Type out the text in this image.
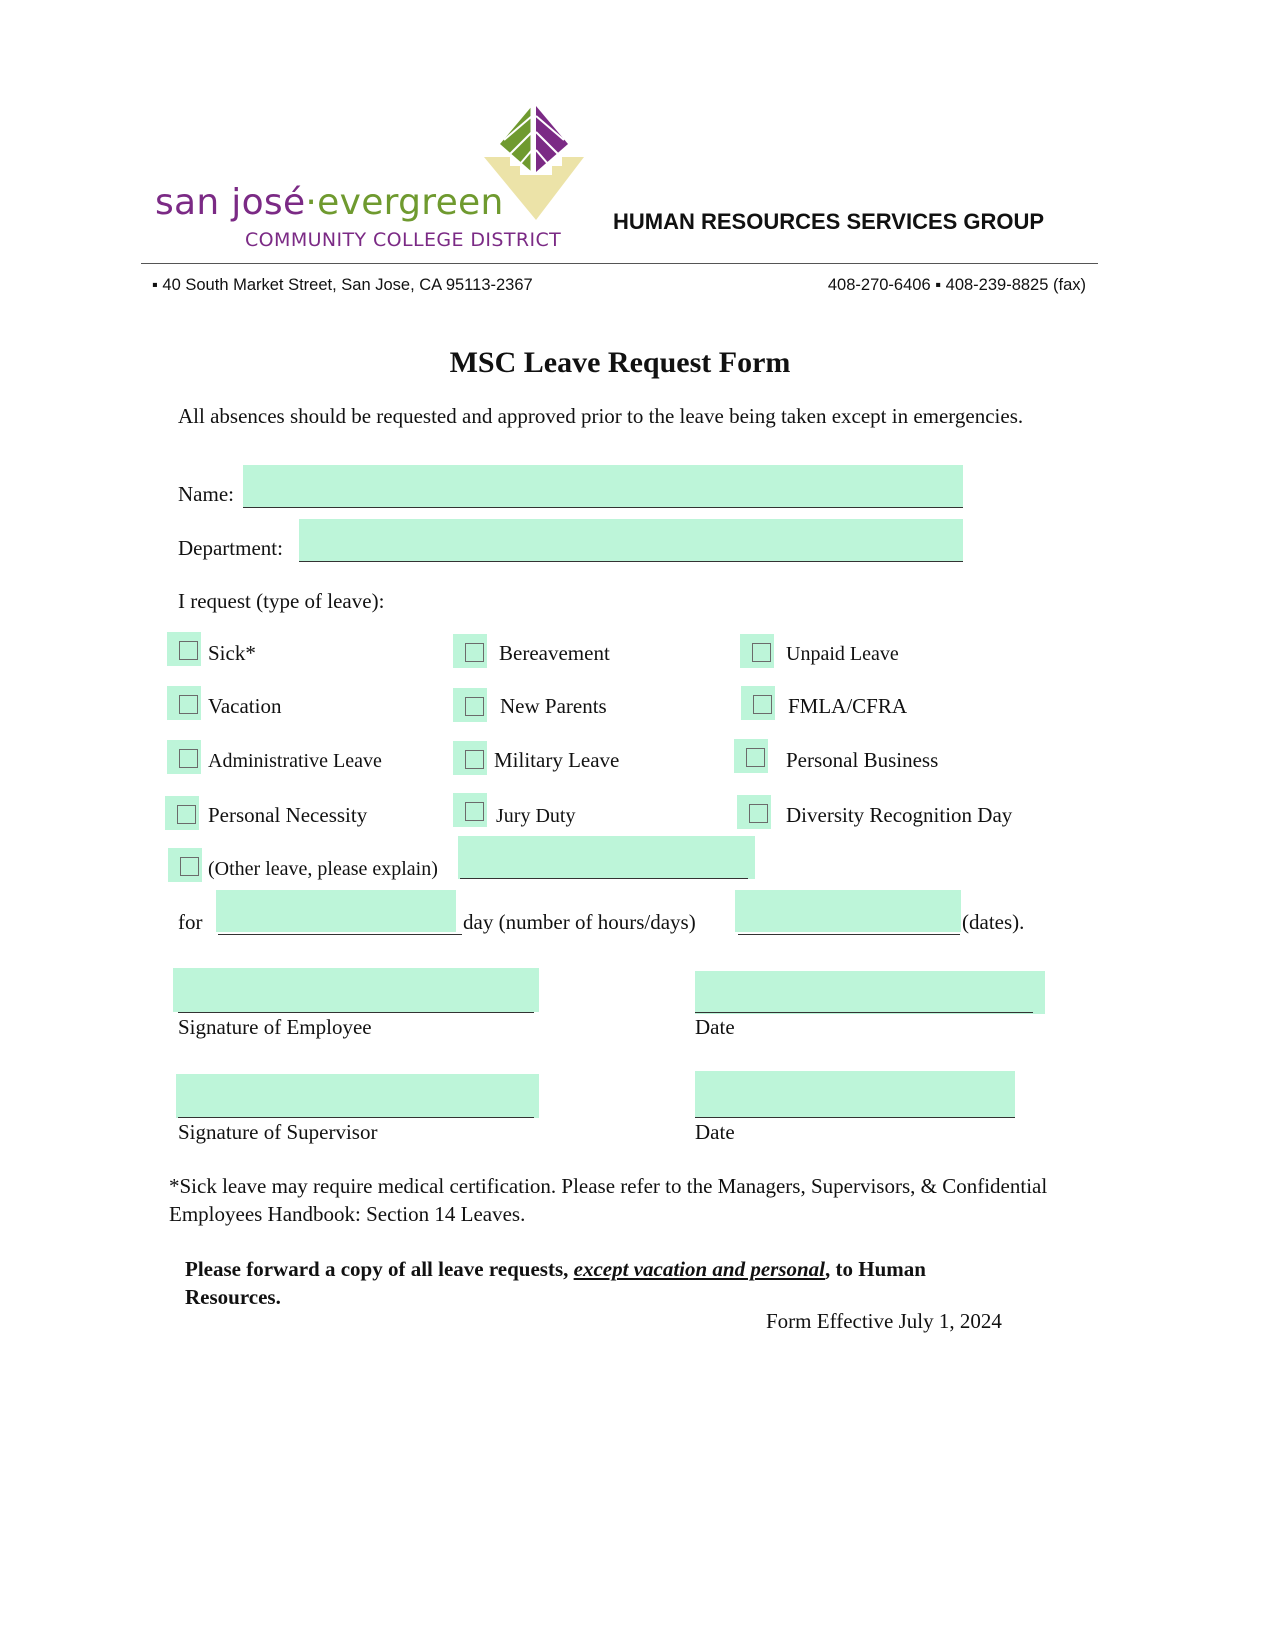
san josé·evergreen
COMMUNITY COLLEGE DISTRICT
HUMAN RESOURCES SERVICES GROUP
▪ 40 South Market Street, San Jose, CA 95113-2367	408-270-6406 ▪ 408-239-8825 (fax)
MSC Leave Request Form
All absences should be requested and approved prior to the leave being taken except in emergencies.
Name:
Department:
I request (type of leave):
Sick*	Bereavement	Unpaid Leave
Vacation	New Parents	FMLA/CFRA
Administrative Leave	Military Leave	Personal Business
Personal Necessity	Jury Duty	Diversity Recognition Day
(Other leave, please explain)
for	day (number of hours/days)	(dates).
Signature of Employee	Date
Signature of Supervisor	Date
*Sick leave may require medical certification. Please refer to the Managers, Supervisors, & Confidential Employees Handbook: Section 14 Leaves.
Please forward a copy of all leave requests, except vacation and personal, to Human Resources.
Form Effective July 1, 2024
